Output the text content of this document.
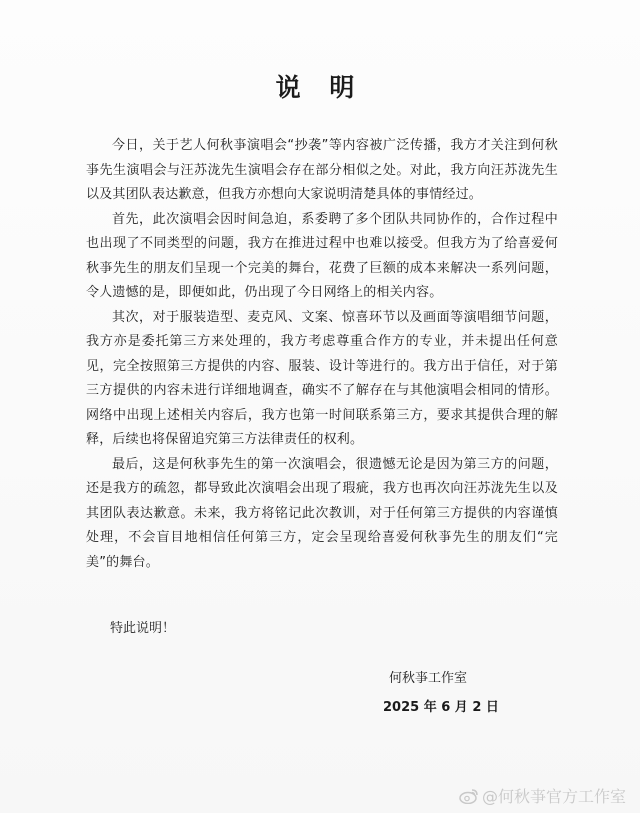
说 明

今日，关于艺人何秋亊演唱会“抄袭”等内容被广泛传播，我方才关注到何秋亊先生演唱会与汪苏泷先生演唱会存在部分相似之处。对此，我方向汪苏泷先生以及其团队表达歉意，但我方亦想向大家说明清楚具体的事情经过。

首先，此次演唱会因时间急迫，系委聘了多个团队共同协作的，合作过程中也出现了不同类型的问题，我方在推进过程中也难以接受。但我方为了给喜爱何秋亊先生的朋友们呈现一个完美的舞台，花费了巨额的成本来解决一系列问题，令人遗憾的是，即便如此，仍出现了今日网络上的相关内容。

其次，对于服装造型、麦克风、文案、惊喜环节以及画面等演唱细节问题，我方亦是委托第三方来处理的，我方考虑尊重合作方的专业，并未提出任何意见，完全按照第三方提供的内容、服装、设计等进行的。我方出于信任，对于第三方提供的内容未进行详细地调查，确实不了解存在与其他演唱会相同的情形。网络中出现上述相关内容后，我方也第一时间联系第三方，要求其提供合理的解释，后续也将保留追究第三方法律责任的权利。

最后，这是何秋亊先生的第一次演唱会，很遗憾无论是因为第三方的问题，还是我方的疏忽，都导致此次演唱会出现了瑕疵，我方也再次向汪苏泷先生以及其团队表达歉意。未来，我方将铭记此次教训，对于任何第三方提供的内容谨慎处理，不会盲目地相信任何第三方，定会呈现给喜爱何秋亊先生的朋友们“完美”的舞台。

特此说明！
何秋亊工作室
2025 年 6 月 2 日
@何秋亊官方工作室
